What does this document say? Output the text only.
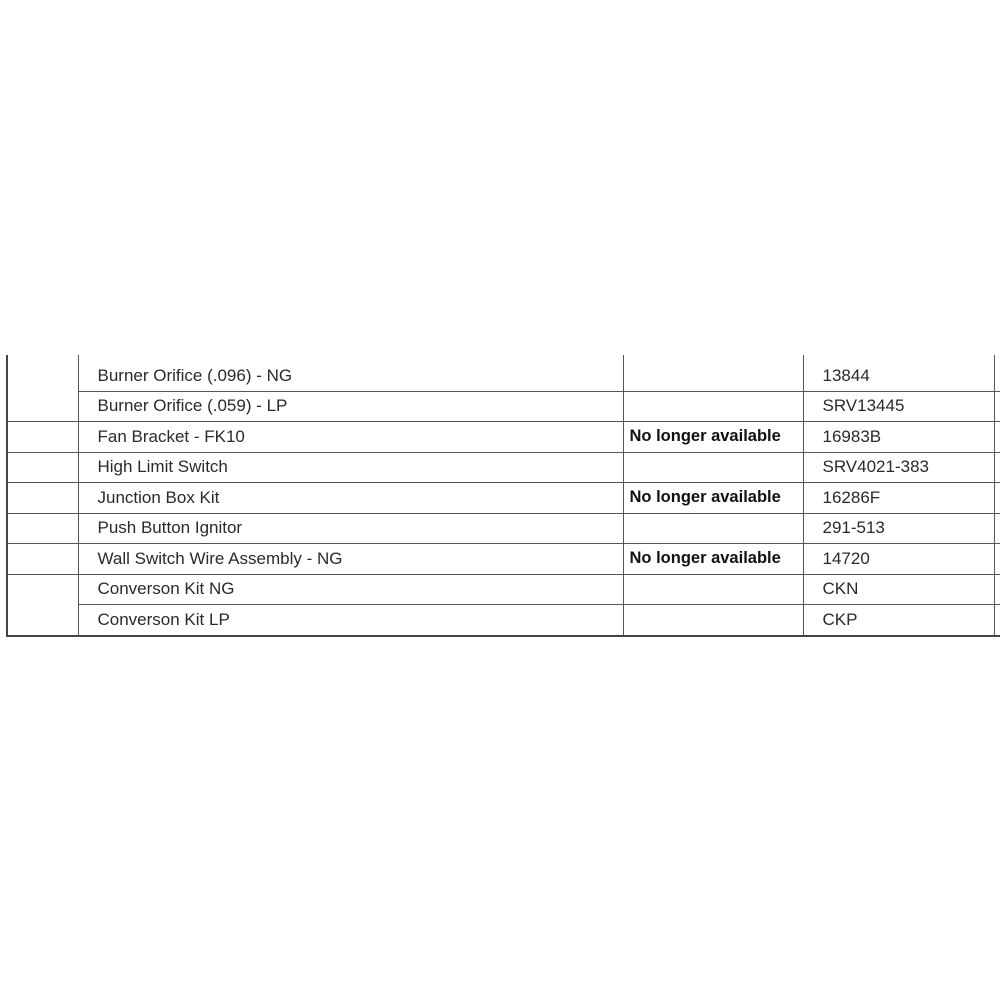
	Burner Orifice (.096) - NG		13844	
	Burner Orifice (.059) - LP		SRV13445	
	Fan Bracket - FK10	No longer available	16983B	
	High Limit Switch		SRV4021-383	
	Junction Box Kit	No longer available	16286F	
	Push Button Ignitor		291-513	
	Wall Switch Wire Assembly - NG	No longer available	14720	
	Converson Kit NG		CKN	
	Converson Kit LP		CKP	
